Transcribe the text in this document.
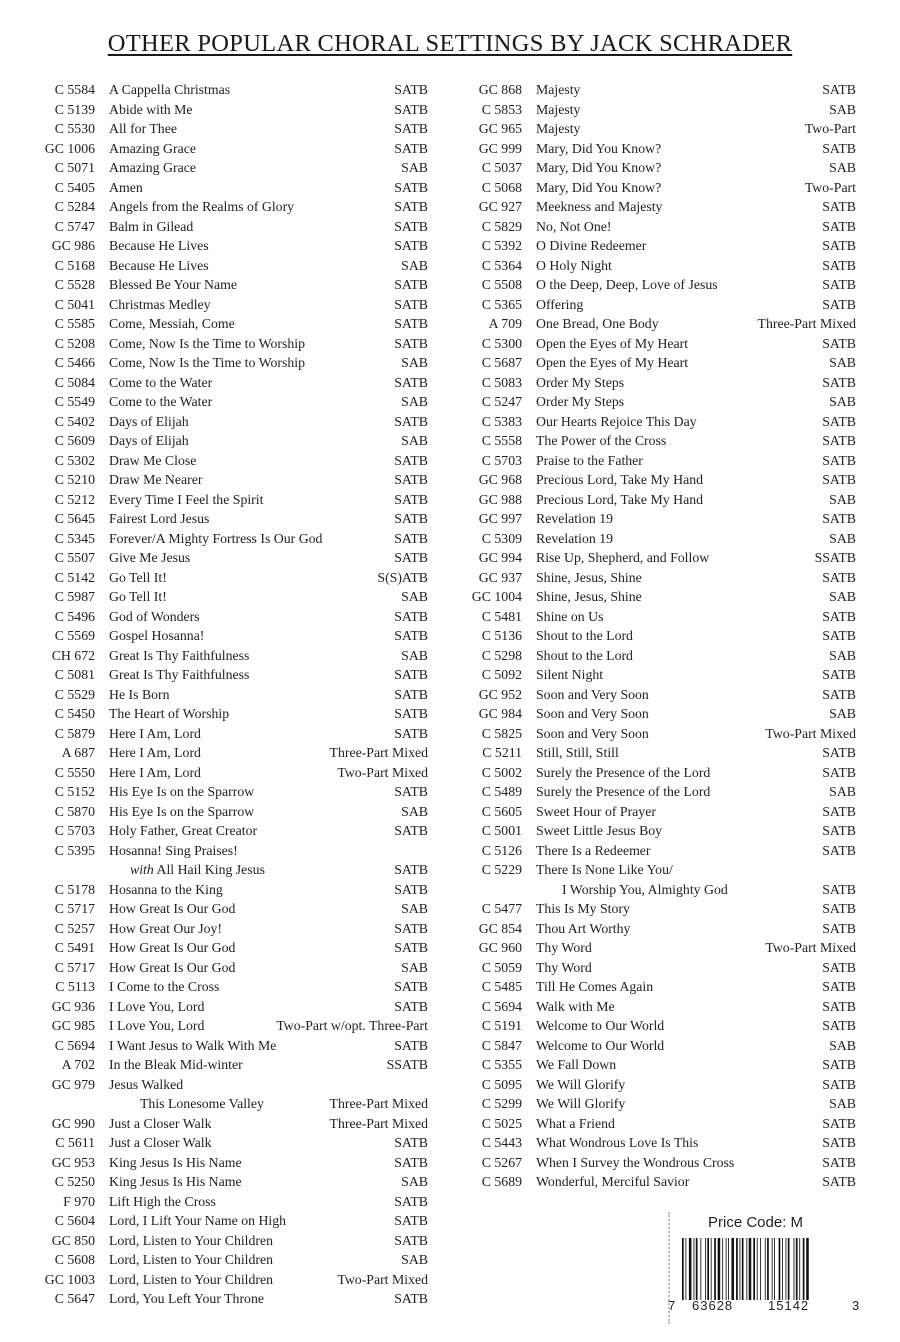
OTHER POPULAR CHORAL SETTINGS BY JACK SCHRADER
C 5584 A Cappella Christmas	SATB
C 5139 Abide with Me	SATB
C 5530 All for Thee	SATB
GC 1006 Amazing Grace	SATB
C 5071 Amazing Grace	SAB
C 5405 Amen	SATB
C 5284 Angels from the Realms of Glory	SATB
C 5747 Balm in Gilead	SATB
GC 986 Because He Lives	SATB
C 5168 Because He Lives	SAB
C 5528 Blessed Be Your Name	SATB
C 5041 Christmas Medley	SATB
C 5585 Come, Messiah, Come	SATB
C 5208 Come, Now Is the Time to Worship	SATB
C 5466 Come, Now Is the Time to Worship	SAB
C 5084 Come to the Water	SATB
C 5549 Come to the Water	SAB
C 5402 Days of Elijah	SATB
C 5609 Days of Elijah	SAB
C 5302 Draw Me Close	SATB
C 5210 Draw Me Nearer	SATB
C 5212 Every Time I Feel the Spirit	SATB
C 5645 Fairest Lord Jesus	SATB
C 5345 Forever/A Mighty Fortress Is Our God	SATB
C 5507 Give Me Jesus	SATB
C 5142 Go Tell It!	S(S)ATB
C 5987 Go Tell It!	SAB
C 5496 God of Wonders	SATB
C 5569 Gospel Hosanna!	SATB
CH 672 Great Is Thy Faithfulness	SAB
C 5081 Great Is Thy Faithfulness	SATB
C 5529 He Is Born	SATB
C 5450 The Heart of Worship	SATB
C 5879 Here I Am, Lord	SATB
A 687 Here I Am, Lord	Three-Part Mixed
C 5550 Here I Am, Lord	Two-Part Mixed
C 5152 His Eye Is on the Sparrow	SATB
C 5870 His Eye Is on the Sparrow	SAB
C 5703 Holy Father, Great Creator	SATB
C 5395 Hosanna! Sing Praises!
with All Hail King Jesus	SATB
C 5178 Hosanna to the King	SATB
C 5717 How Great Is Our God	SAB
C 5257 How Great Our Joy!	SATB
C 5491 How Great Is Our God	SATB
C 5717 How Great Is Our God	SAB
C 5113 I Come to the Cross	SATB
GC 936 I Love You, Lord	SATB
GC 985 I Love You, Lord	Two-Part w/opt. Three-Part
C 5694 I Want Jesus to Walk With Me	SATB
A 702 In the Bleak Mid-winter	SSATB
GC 979 Jesus Walked
This Lonesome Valley	Three-Part Mixed
GC 990 Just a Closer Walk	Three-Part Mixed
C 5611 Just a Closer Walk	SATB
GC 953 King Jesus Is His Name	SATB
C 5250 King Jesus Is His Name	SAB
F 970 Lift High the Cross	SATB
C 5604 Lord, I Lift Your Name on High	SATB
GC 850 Lord, Listen to Your Children	SATB
C 5608 Lord, Listen to Your Children	SAB
GC 1003 Lord, Listen to Your Children	Two-Part Mixed
C 5647 Lord, You Left Your Throne	SATB
GC 868 Majesty	SATB
C 5853 Majesty	SAB
GC 965 Majesty	Two-Part
GC 999 Mary, Did You Know?	SATB
C 5037 Mary, Did You Know?	SAB
C 5068 Mary, Did You Know?	Two-Part
GC 927 Meekness and Majesty	SATB
C 5829 No, Not One!	SATB
C 5392 O Divine Redeemer	SATB
C 5364 O Holy Night	SATB
C 5508 O the Deep, Deep, Love of Jesus	SATB
C 5365 Offering	SATB
A 709 One Bread, One Body	Three-Part Mixed
C 5300 Open the Eyes of My Heart	SATB
C 5687 Open the Eyes of My Heart	SAB
C 5083 Order My Steps	SATB
C 5247 Order My Steps	SAB
C 5383 Our Hearts Rejoice This Day	SATB
C 5558 The Power of the Cross	SATB
C 5703 Praise to the Father	SATB
GC 968 Precious Lord, Take My Hand	SATB
GC 988 Precious Lord, Take My Hand	SAB
GC 997 Revelation 19	SATB
C 5309 Revelation 19	SAB
GC 994 Rise Up, Shepherd, and Follow	SSATB
GC 937 Shine, Jesus, Shine	SATB
GC 1004 Shine, Jesus, Shine	SAB
C 5481 Shine on Us	SATB
C 5136 Shout to the Lord	SATB
C 5298 Shout to the Lord	SAB
C 5092 Silent Night	SATB
GC 952 Soon and Very Soon	SATB
GC 984 Soon and Very Soon	SAB
C 5825 Soon and Very Soon	Two-Part Mixed
C 5211 Still, Still, Still	SATB
C 5002 Surely the Presence of the Lord	SATB
C 5489 Surely the Presence of the Lord	SAB
C 5605 Sweet Hour of Prayer	SATB
C 5001 Sweet Little Jesus Boy	SATB
C 5126 There Is a Redeemer	SATB
C 5229 There Is None Like You/
I Worship You, Almighty God	SATB
C 5477 This Is My Story	SATB
GC 854 Thou Art Worthy	SATB
GC 960 Thy Word	Two-Part Mixed
C 5059 Thy Word	SATB
C 5485 Till He Comes Again	SATB
C 5694 Walk with Me	SATB
C 5191 Welcome to Our World	SATB
C 5847 Welcome to Our World	SAB
C 5355 We Fall Down	SATB
C 5095 We Will Glorify	SATB
C 5299 We Will Glorify	SAB
C 5025 What a Friend	SATB
C 5443 What Wondrous Love Is This	SATB
C 5267 When I Survey the Wondrous Cross	SATB
C 5689 Wonderful, Merciful Savior	SATB
Price Code: M
7 63628	15142	3
